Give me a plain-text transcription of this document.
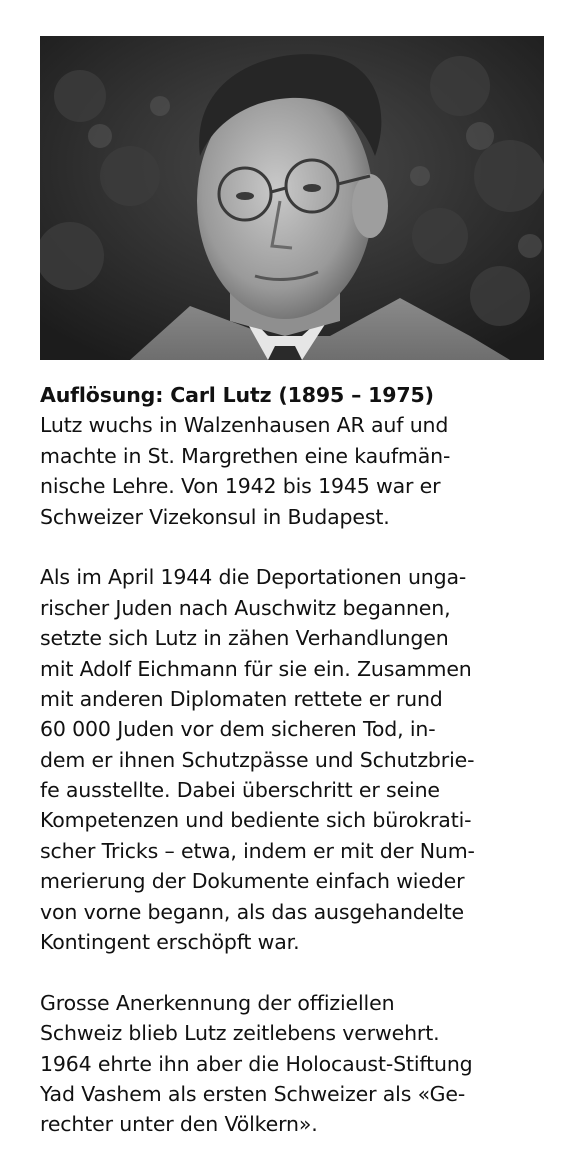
Auflösung: Carl Lutz (1895 – 1975)
Lutz wuchs in Walzenhausen AR auf und
machte in St. Margrethen eine kaufmän-
nische Lehre. Von 1942 bis 1945 war er
Schweizer Vizekonsul in Budapest.
Als im April 1944 die Deportationen unga-
rischer Juden nach Auschwitz begannen,
setzte sich Lutz in zähen Verhandlungen
mit Adolf Eichmann für sie ein. Zusammen
mit anderen Diplomaten rettete er rund
60 000 Juden vor dem sicheren Tod, in-
dem er ihnen Schutzpässe und Schutzbrie-
fe ausstellte. Dabei überschritt er seine
Kompetenzen und bediente sich bürokrati-
scher Tricks – etwa, indem er mit der Num-
merierung der Dokumente einfach wieder
von vorne begann, als das ausgehandelte
Kontingent erschöpft war.
Grosse Anerkennung der offiziellen
Schweiz blieb Lutz zeitlebens verwehrt.
1964 ehrte ihn aber die Holocaust-Stiftung
Yad Vashem als ersten Schweizer als «Ge-
rechter unter den Völkern».
